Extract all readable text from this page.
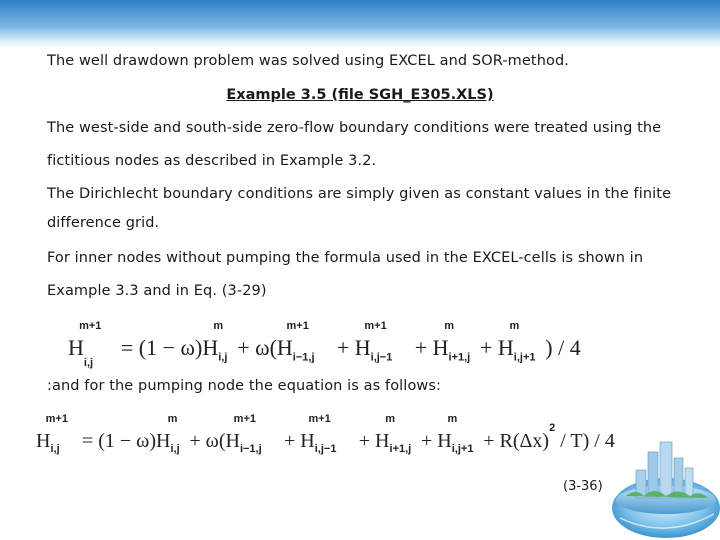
The well drawdown problem was solved using EXCEL and SOR-method.
Example 3.5 (file SGH_E305.XLS)
The west-side and south-side zero-flow boundary conditions were treated using the
fictitious nodes as described in Example 3.2.
The Dirichlecht boundary conditions are simply given as constant values in the finite
difference grid.
For inner nodes without pumping the formula used in the EXCEL-cells is shown in
Example 3.3 and in Eq. (3-29)
$H_{i,j}^{m+1} = (1 - \omega)H_{i,j}^m+ \omega(H_{i-1,j}^{m+1}+ H_{i,j-1}^{m+1}+ H_{i+1,j}^m+ H_{i,j+1}^m) / 4$
:and for the pumping node the equation is as follows:
$H_{i,j}^{m+1}= (1 - \omega)H_{i,j}^m+ \omega(H_{i-1,j}^{m+1}+ H_{i,j-1}^{m+1}+ H_{i+1,j}^m+ H_{i,j+1}^m+ R(\Delta x)^2 / T) / 4$
(3-36)
